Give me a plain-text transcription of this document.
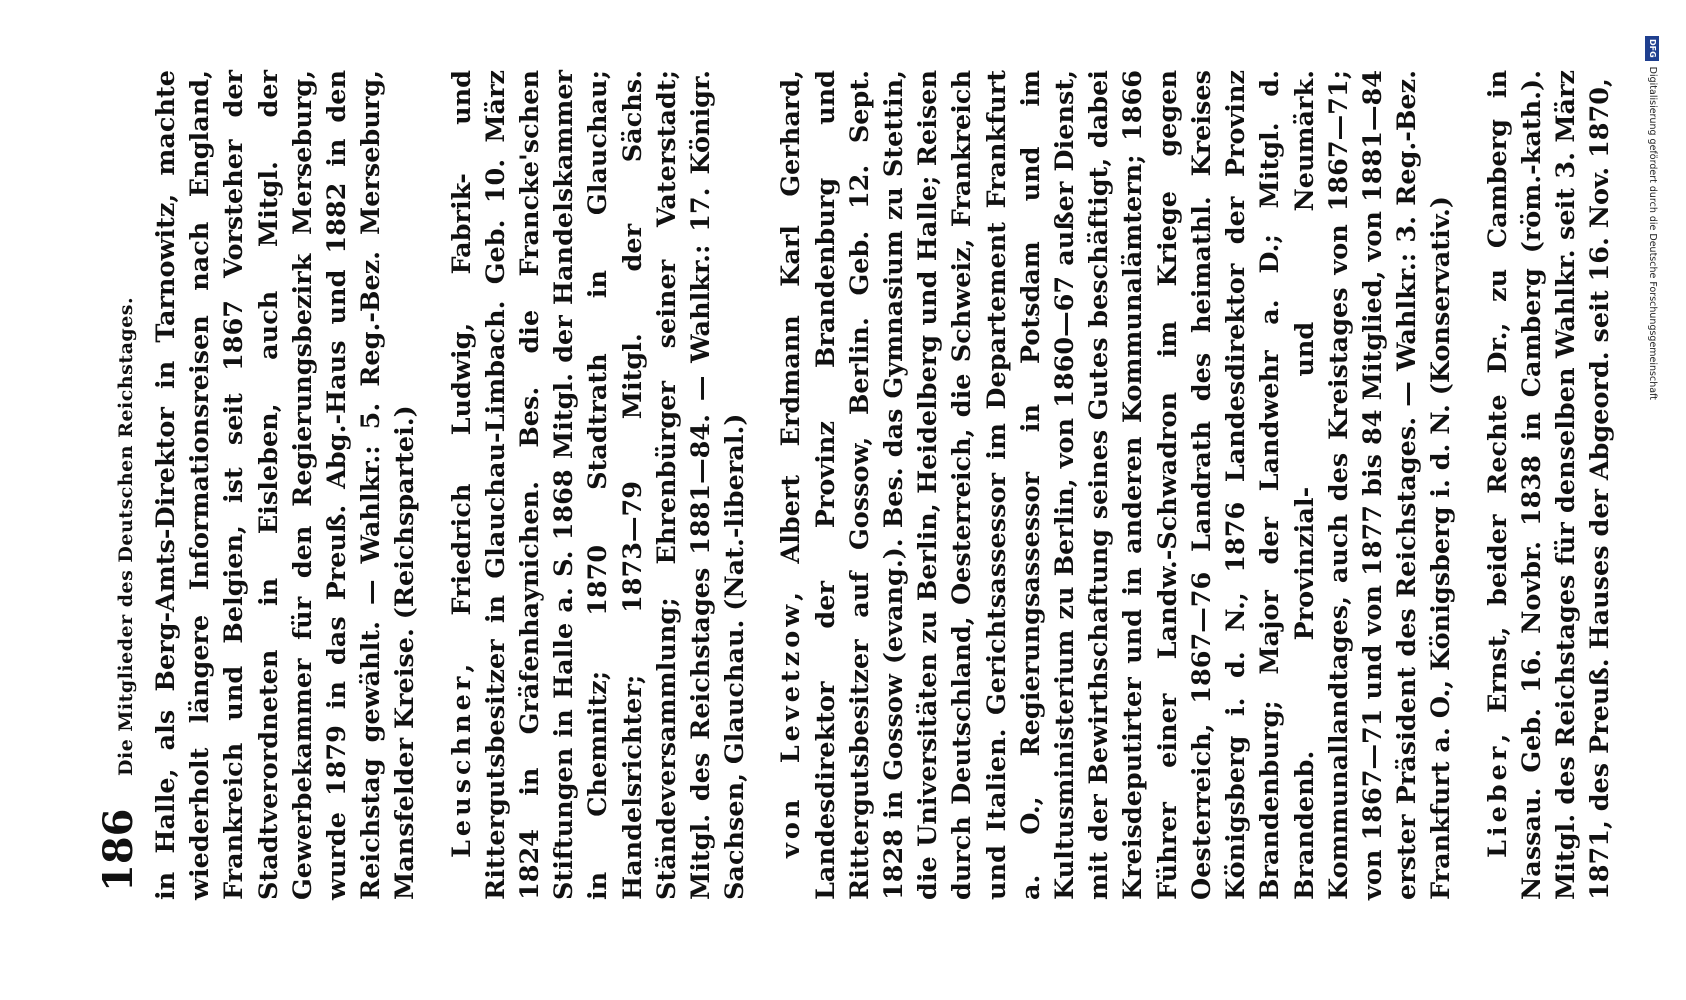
186
Die Mitglieder des Deutschen Reichstages. in Halle, als Berg-Amts-Direktor in Tarnowitz, machte wiederholt längere Informationsreisen nach England, Frankreich und Belgien, ist seit 1867 Vorsteher der Stadtverordneten in Eisleben, auch Mitgl. der Gewerbekammer für den Regierungsbezirk Merseburg, wurde 1879 in das Preuß. Abg.-Haus und 1882 in den Reichstag gewählt. — Wahlkr.: 5. Reg.-Bez. Merseburg, Mansfelder Kreise. (Reichspartei.) Leuschner, Friedrich Ludwig, Fabrik- und Rittergutsbesitzer in Glauchau-Limbach. Geb. 10. März 1824 in Gräfenhaynichen. Bes. die Francke'schen Stiftungen in Halle a. S. 1868 Mitgl. der Handelskammer in Chemnitz; 1870 Stadtrath in Glauchau; Handelsrichter; 1873—79 Mitgl. der Sächs. Ständeversammlung; Ehrenbürger seiner Vaterstadt; Mitgl. des Reichstages 1881—84. — Wahlkr.: 17. Königr. Sachsen, Glauchau. (Nat.-liberal.) von Levetzow, Albert Erdmann Karl Gerhard, Landesdirektor der Provinz Brandenburg und Rittergutsbesitzer auf Gossow, Berlin. Geb. 12. Sept. 1828 in Gossow (evang.). Bes. das Gymnasium zu Stettin, die Universitäten zu Berlin, Heidelberg und Halle; Reisen durch Deutschland, Oesterreich, die Schweiz, Frankreich und Italien. Gerichtsassessor im Departement Frankfurt a. O., Regierungsassessor in Potsdam und im Kultusministerium zu Berlin, von 1860—67 außer Dienst, mit der Bewirthschaftung seines Gutes beschäftigt, dabei Kreisdeputirter und in anderen Kommunalämtern; 1866 Führer einer Landw.-Schwadron im Kriege gegen Oesterreich, 1867—76 Landrath des heimathl. Kreises Königsberg i. d. N., 1876 Landesdirektor der Provinz Brandenburg; Major der Landwehr a. D.; Mitgl. d. Brandenb. Provinzial- und Neumärk. Kommunallandtages, auch des Kreistages von 1867—71; von 1867—71 und von 1877 bis 84 Mitglied, von 1881—84 erster Präsident des Reichstages. — Wahlkr.: 3. Reg.-Bez. Frankfurt a. O., Königsberg i. d. N. (Konservativ.) Lieber, Ernst, beider Rechte Dr., zu Camberg in Nassau. Geb. 16. Novbr. 1838 in Camberg (röm.-kath.). Mitgl. des Reichstages für denselben Wahlkr. seit 3. März 1871, des Preuß. Hauses der Abgeord. seit 16. Nov. 1870,

DFG
Digitalisierung gefördert durch die Deutsche Forschungsgemeinschaft
